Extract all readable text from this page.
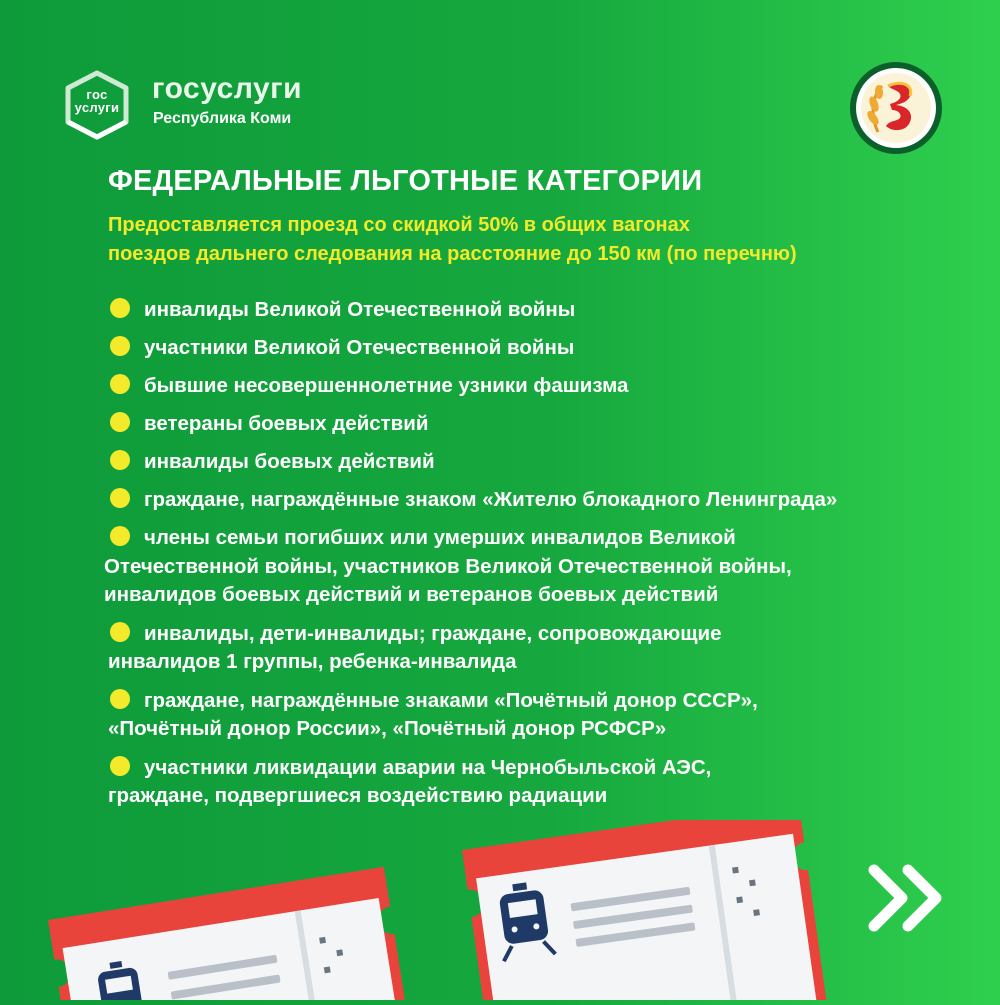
гос
услуги
госуслуги
Республика Коми
ФЕДЕРАЛЬНЫЕ ЛЬГОТНЫЕ КАТЕГОРИИ
Предоставляется проезд со скидкой 50% в общих вагонах
поездов дальнего следования на расстояние до 150 км (по перечню)
инвалиды Великой Отечественной войны
участники Великой Отечественной войны
бывшие несовершеннолетние узники фашизма
ветераны боевых действий
инвалиды боевых действий
граждане, награждённые знаком «Жителю блокадного Ленинграда»
члены семьи погибших или умерших инвалидов Великой
Отечественной войны, участников Великой Отечественной войны,
инвалидов боевых действий и ветеранов боевых действий
инвалиды, дети-инвалиды; граждане, сопровождающие
инвалидов 1 группы, ребенка-инвалида
граждане, награждённые знаками «Почётный донор СССР»,
«Почётный донор России», «Почётный донор РСФСР»
участники ликвидации аварии на Чернобыльской АЭС,
граждане, подвергшиеся воздействию радиации
